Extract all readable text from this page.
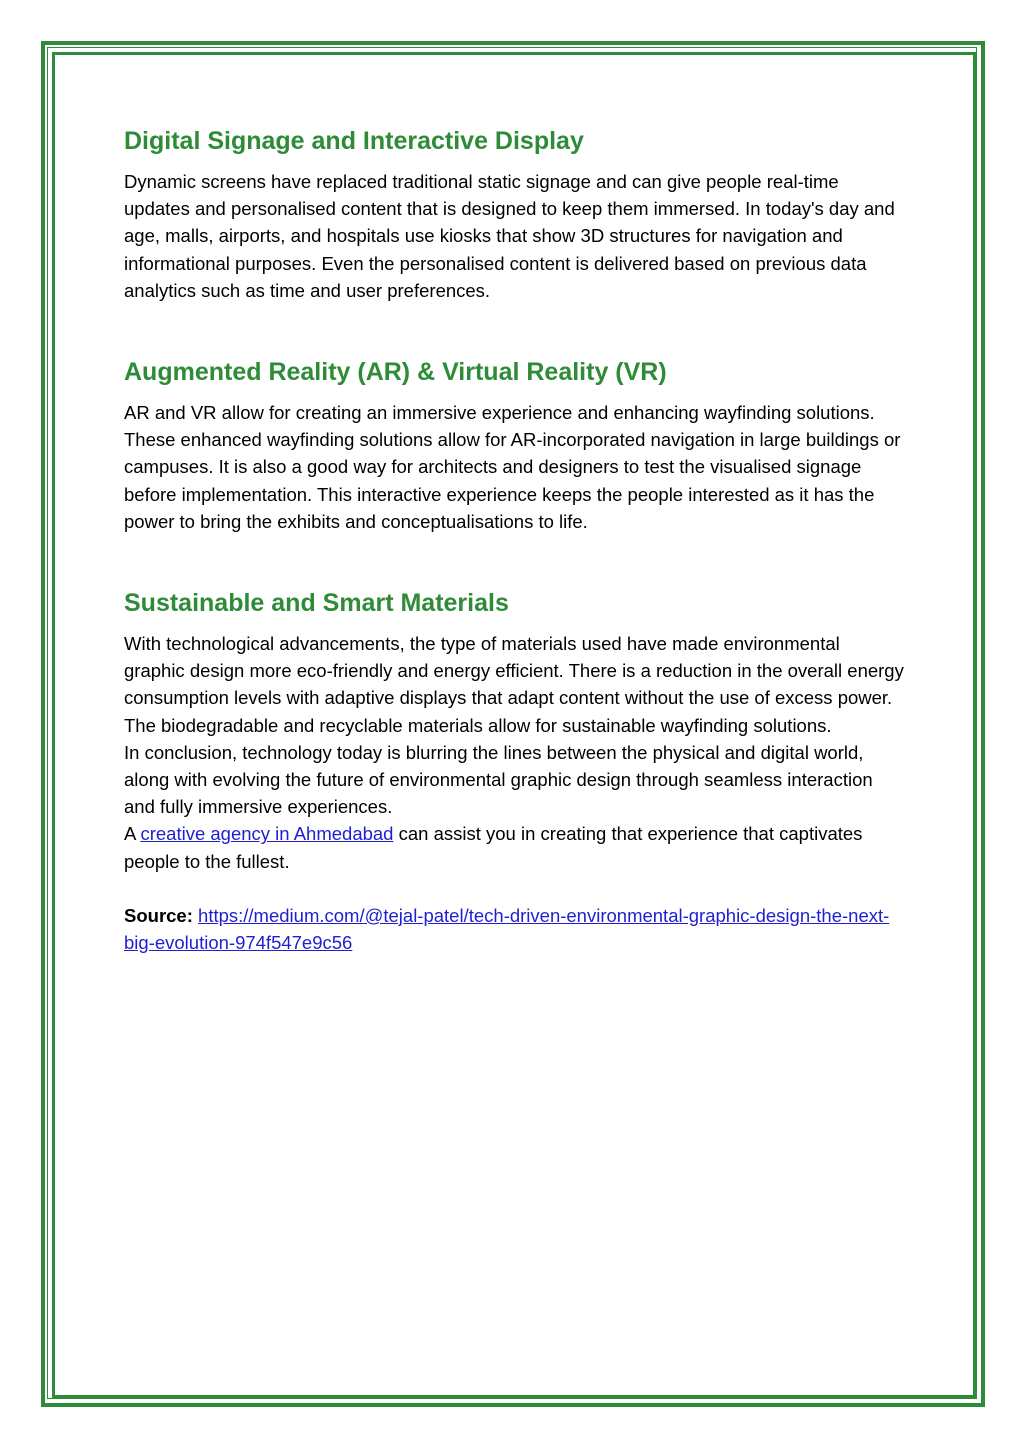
Digital Signage and Interactive Display

Dynamic screens have replaced traditional static signage and can give people real-time updates and personalised content that is designed to keep them immersed. In today's day and age, malls, airports, and hospitals use kiosks that show 3D structures for navigation and informational purposes. Even the personalised content is delivered based on previous data analytics such as time and user preferences.

Augmented Reality (AR) & Virtual Reality (VR)

AR and VR allow for creating an immersive experience and enhancing wayfinding solutions. These enhanced wayfinding solutions allow for AR-incorporated navigation in large buildings or campuses. It is also a good way for architects and designers to test the visualised signage before implementation. This interactive experience keeps the people interested as it has the power to bring the exhibits and conceptualisations to life.

Sustainable and Smart Materials

With technological advancements, the type of materials used have made environmental graphic design more eco-friendly and energy efficient. There is a reduction in the overall energy consumption levels with adaptive displays that adapt content without the use of excess power. The biodegradable and recyclable materials allow for sustainable wayfinding solutions.

In conclusion, technology today is blurring the lines between the physical and digital world, along with evolving the future of environmental graphic design through seamless interaction and fully immersive experiences.

A creative agency in Ahmedabad can assist you in creating that experience that captivates people to the fullest.

Source: https://medium.com/@tejal-patel/tech-driven-environmental-graphic-design-the-next-big-evolution-974f547e9c56
